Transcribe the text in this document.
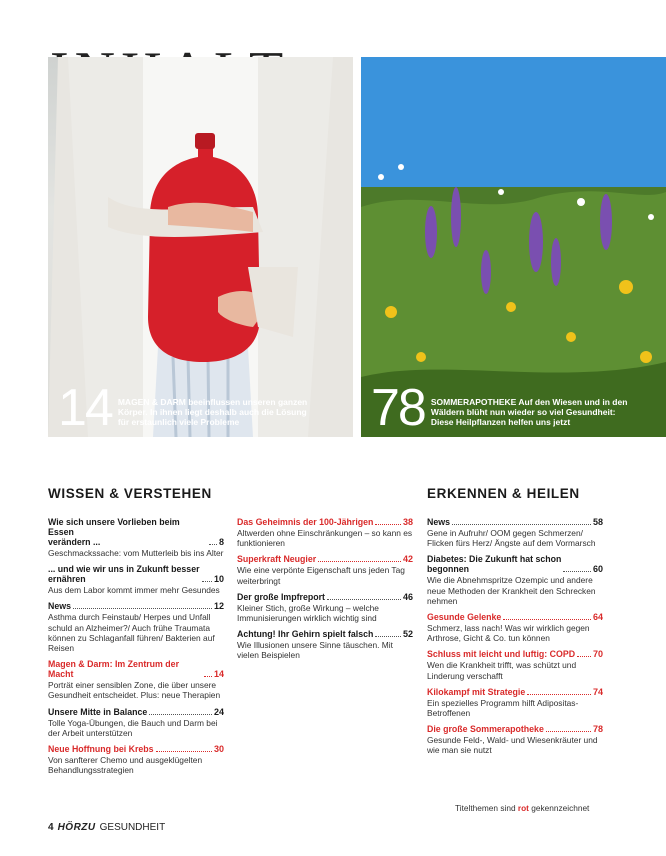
14 MAGEN & DARM beeinflussen unseren ganzen Körper. In ihnen liegt deshalb auch die Lösung für erstaunlich viele Probleme	78 SOMMERAPOTHEKE Auf den Wiesen und in den Wäldern blüht nun wieder so viel Gesundheit: Diese Heilpflanzen helfen uns jetzt
WISSEN & VERSTEHEN	ERKENNEN & HEILEN
Wie sich unsere Vorlieben beim Essen
verändern ...	8
Geschmackssache: vom Mutterleib bis ins Alter
... und wie wir uns in Zukunft besser
ernähren	10
Aus dem Labor kommt immer mehr Gesundes
News	12
Asthma durch Feinstaub/ Herpes und Unfall schuld an Alzheimer?/ Auch frühe Traumata können zu Schlaganfall führen/ Bakterien auf Reisen
Magen & Darm: Im Zentrum der Macht	14
Porträt einer sensiblen Zone, die über unsere Gesundheit entscheidet. Plus: neue Therapien
Unsere Mitte in Balance	24
Tolle Yoga-Übungen, die Bauch und Darm bei der Arbeit unterstützen
Neue Hoffnung bei Krebs	30
Von sanfterer Chemo und ausgeklügelten Behandlungsstrategien
Das Geheimnis der 100-Jährigen	38
Altwerden ohne Einschränkungen – so kann es funktionieren
Superkraft Neugier	42
Wie eine verpönte Eigenschaft uns jeden Tag weiterbringt
Der große Impfreport	46
Kleiner Stich, große Wirkung – welche Immunisierungen wirklich wichtig sind
Achtung! Ihr Gehirn spielt falsch	52
Wie Illusionen unsere Sinne täuschen. Mit vielen Beispielen
News	58
Gene in Aufruhr/ OOM gegen Schmerzen/ Flicken fürs Herz/ Ängste auf dem Vormarsch
Diabetes: Die Zukunft hat schon
begonnen	60
Wie die Abnehmspritze Ozempic und andere neue Methoden der Krankheit den Schrecken nehmen
Gesunde Gelenke	64
Schmerz, lass nach! Was wir wirklich gegen Arthrose, Gicht & Co. tun können
Schluss mit leicht und luftig: COPD 70
Wen die Krankheit trifft, was schützt und Linderung verschafft
Kilokampf mit Strategie	74
Ein spezielles Programm hilft Adipositas-Betroffenen
Die große Sommerapotheke	78
Gesunde Feld-, Wald- und Wiesenkräuter und wie man sie nutzt
Titelthemen sind rot gekennzeichnet
4 HÖRZU GESUNDHEIT
